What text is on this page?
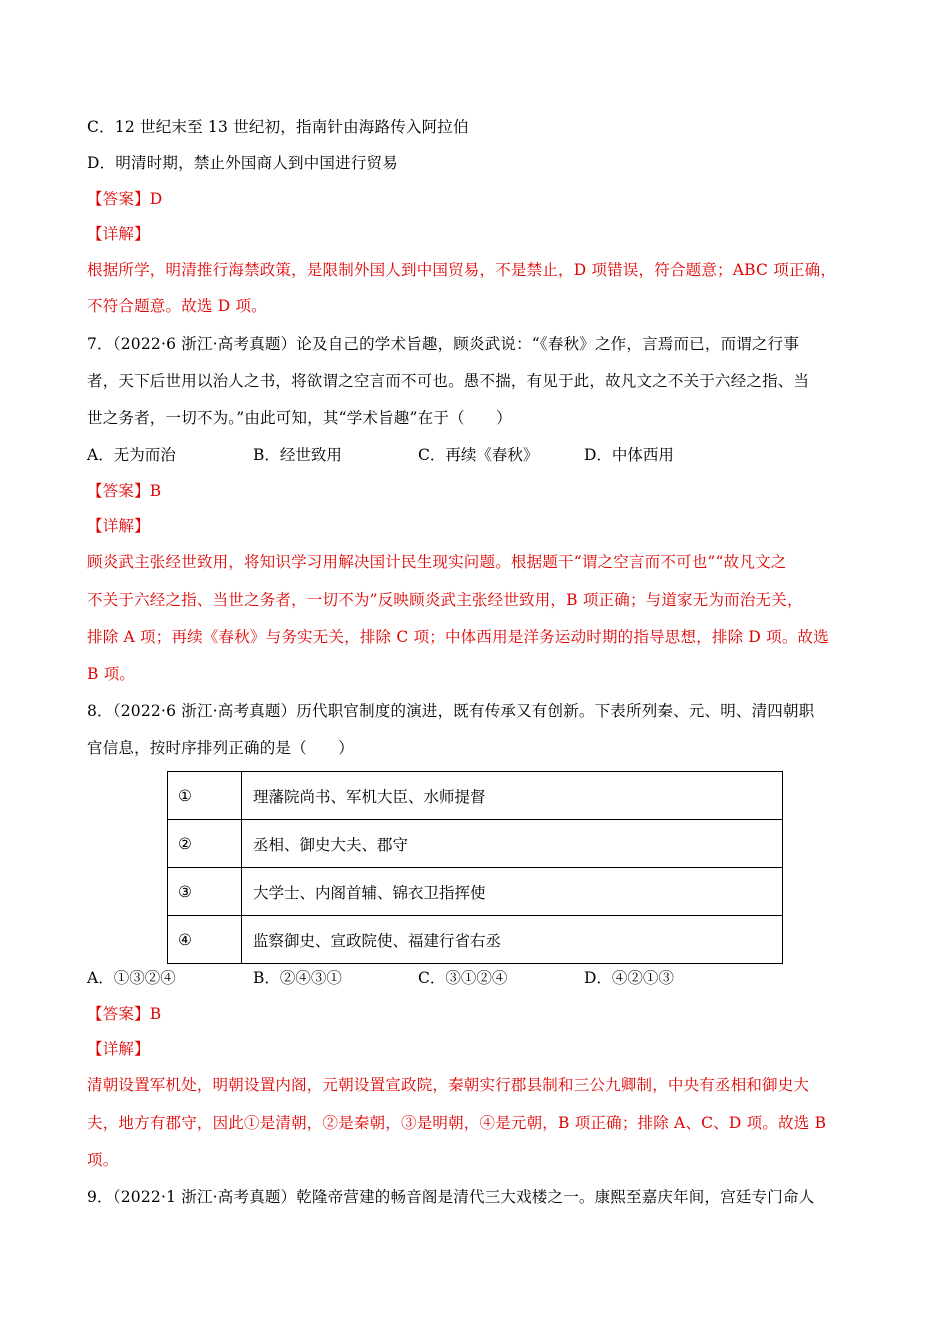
C．12 世纪末至 13 世纪初，指南针由海路传入阿拉伯
D．明清时期，禁止外国商人到中国进行贸易
【答案】D
【详解】
根据所学，明清推行海禁政策，是限制外国人到中国贸易，不是禁止，D 项错误，符合题意；ABC 项正确，
不符合题意。故选 D 项。
7．（2022·6 浙江·高考真题）论及自己的学术旨趣，顾炎武说：“《春秋》之作，言焉而已，而谓之行事
者，天下后世用以治人之书，将欲谓之空言而不可也。愚不揣，有见于此，故凡文之不关于六经之指、当
世之务者，一切不为。”由此可知，其“学术旨趣”在于（　　）
A．无为而治	B．经世致用	C．再续《春秋》	D．中体西用
【答案】B
【详解】
顾炎武主张经世致用，将知识学习用解决国计民生现实问题。根据题干“谓之空言而不可也”“故凡文之
不关于六经之指、当世之务者，一切不为”反映顾炎武主张经世致用，B 项正确；与道家无为而治无关，
排除 A 项；再续《春秋》与务实无关，排除 C 项；中体西用是洋务运动时期的指导思想，排除 D 项。故选
B 项。
8．（2022·6 浙江·高考真题）历代职官制度的演进，既有传承又有创新。下表所列秦、元、明、清四朝职
官信息，按时序排列正确的是（　　）
①	理藩院尚书、军机大臣、水师提督
②	丞相、御史大夫、郡守
③	大学士、内阁首辅、锦衣卫指挥使
④	监察御史、宣政院使、福建行省右丞
A．①③②④	B．②④③①	C．③①②④	D．④②①③
【答案】B
【详解】
清朝设置军机处，明朝设置内阁，元朝设置宣政院，秦朝实行郡县制和三公九卿制，中央有丞相和御史大
夫，地方有郡守，因此①是清朝，②是秦朝，③是明朝，④是元朝，B 项正确；排除 A、C、D 项。故选 B
项。
9．（2022·1 浙江·高考真题）乾隆帝营建的畅音阁是清代三大戏楼之一。康熙至嘉庆年间，宫廷专门命人
